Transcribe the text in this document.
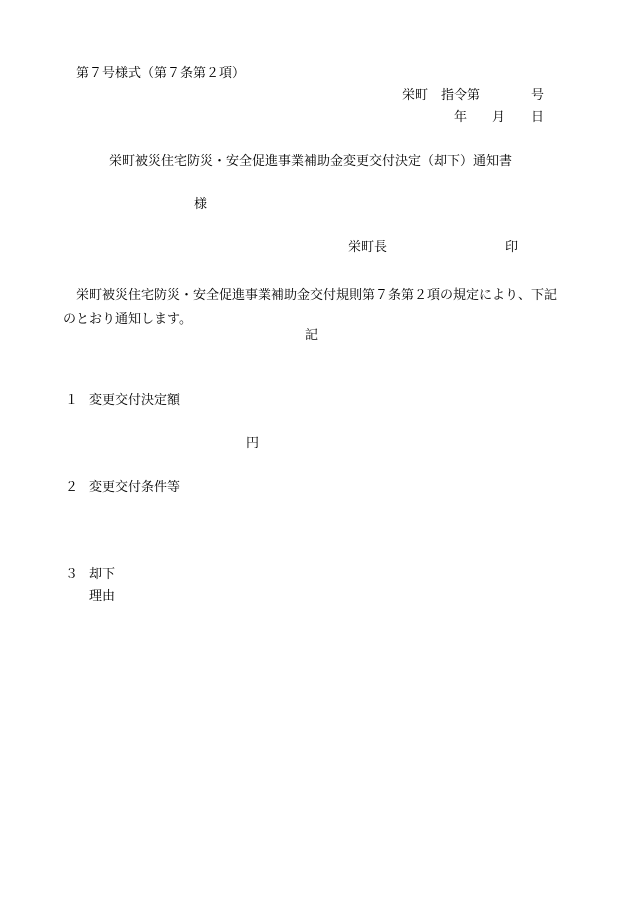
第７号様式（第７条第２項）
栄町　指令第	号
年 月 日
栄町被災住宅防災・安全促進事業補助金変更交付決定（却下）通知書
様
栄町長	印
栄町被災住宅防災・安全促進事業補助金交付規則第７条第２項の規定により、下記のとおり通知します。
記
１ 変更交付決定額
円
２ 変更交付条件等
３ 却下
理由
